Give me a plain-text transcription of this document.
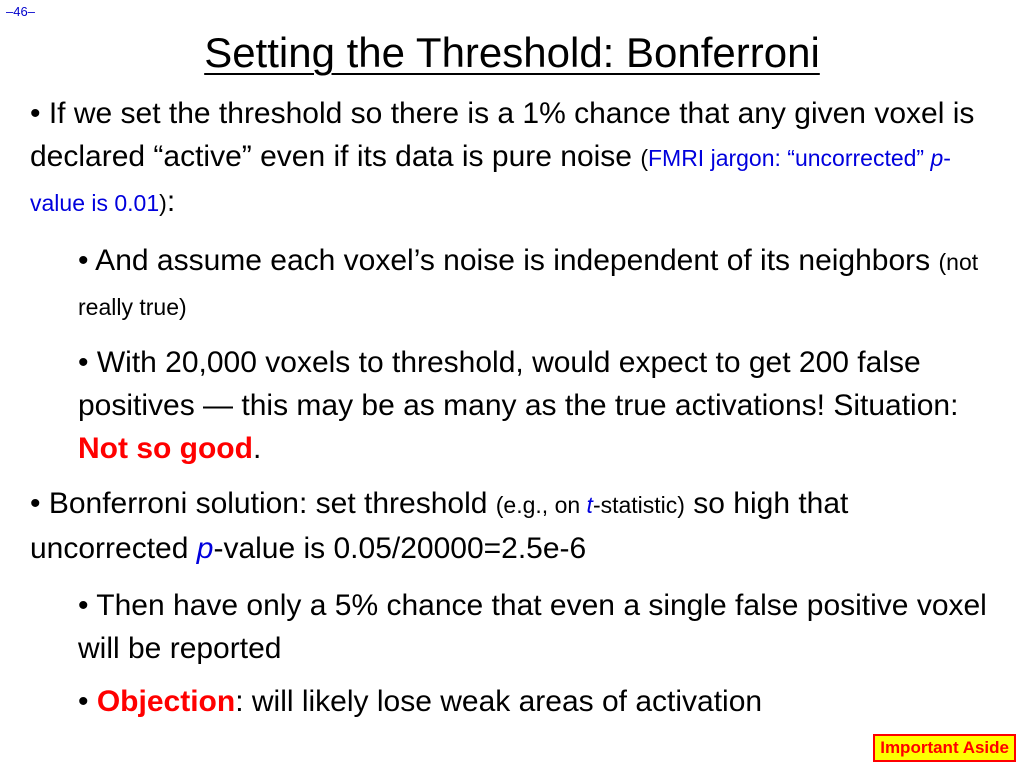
–46–
Setting the Threshold: Bonferroni

• If we set the threshold so there is a 1% chance that any given voxel is declared “active” even if its data is pure noise (FMRI jargon: “uncorrected” p-value is 0.01):

• And assume each voxel’s noise is independent of its neighbors (not really true)

• With 20,000 voxels to threshold, would expect to get 200 false positives — this may be as many as the true activations! Situation: Not so good.

• Bonferroni solution: set threshold (e.g., on t-statistic) so high that uncorrected p-value is 0.05/20000=2.5e-6

• Then have only a 5% chance that even a single false positive voxel will be reported

• Objection: will likely lose weak areas of activation

Important Aside
